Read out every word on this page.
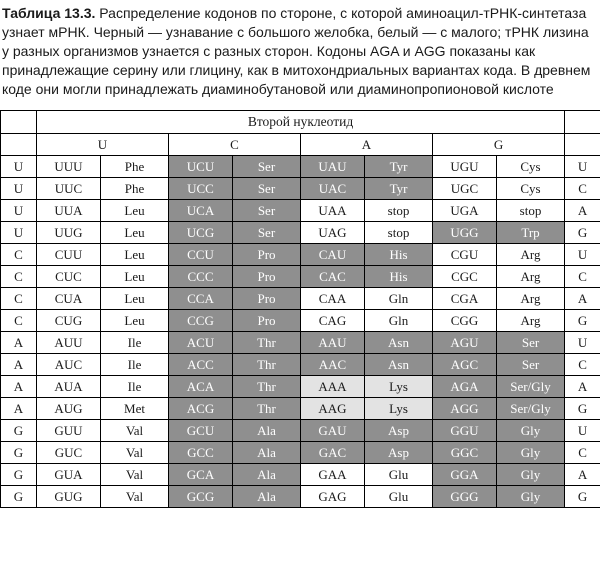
Таблица 13.3. Распределение кодонов по стороне, с которой аминоацил-тРНК-синтетаза узнает мРНК. Черный — узнавание с большого желобка, белый — с малого; тРНК лизина у разных организмов узнается с разных сторон. Кодоны AGA и AGG показаны как принадлежащие серину или глицину, как в митохондриальных вариантах кода. В древнем коде они могли принадлежать диаминобутановой или диаминопропионовой кислоте
	Второй нуклеотид								
	U		C		A		G		
U	UUU	Phe	UCU	Ser	UAU	Tyr	UGU	Cys	U
U	UUC	Phe	UCC	Ser	UAC	Tyr	UGC	Cys	C
U	UUA	Leu	UCA	Ser	UAA	stop	UGA	stop	A
U	UUG	Leu	UCG	Ser	UAG	stop	UGG	Trp	G
C	CUU	Leu	CCU	Pro	CAU	His	CGU	Arg	U
C	CUC	Leu	CCC	Pro	CAC	His	CGC	Arg	C
C	CUA	Leu	CCA	Pro	CAA	Gln	CGA	Arg	A
C	CUG	Leu	CCG	Pro	CAG	Gln	CGG	Arg	G
A	AUU	Ile	ACU	Thr	AAU	Asn	AGU	Ser	U
A	AUC	Ile	ACC	Thr	AAC	Asn	AGC	Ser	C
A	AUA	Ile	ACA	Thr	AAA	Lys	AGA	Ser/Gly	A
A	AUG	Met	ACG	Thr	AAG	Lys	AGG	Ser/Gly	G
G	GUU	Val	GCU	Ala	GAU	Asp	GGU	Gly	U
G	GUC	Val	GCC	Ala	GAC	Asp	GGC	Gly	C
G	GUA	Val	GCA	Ala	GAA	Glu	GGA	Gly	A
G	GUG	Val	GCG	Ala	GAG	Glu	GGG	Gly	G
